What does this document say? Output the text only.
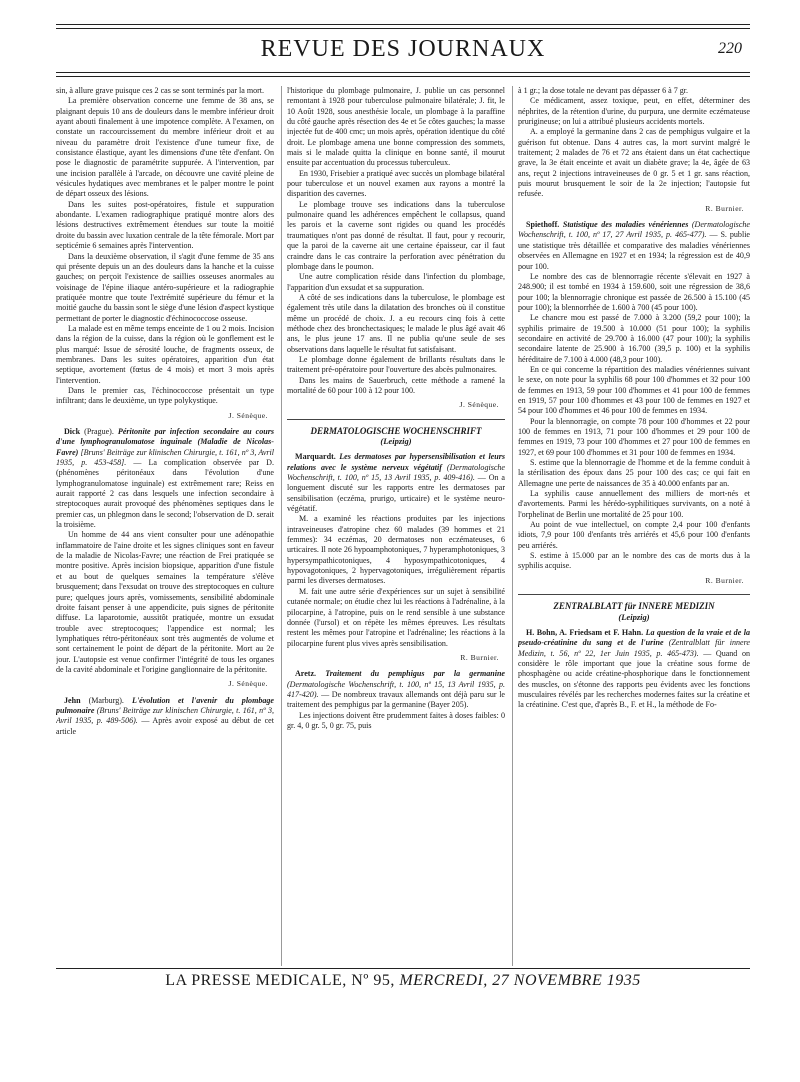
REVUE DES JOURNAUX	220

sin, à allure grave puisque ces 2 cas se sont terminés par la mort.

La première observation concerne une femme de 38 ans, se plaignant depuis 10 ans de douleurs dans le membre inférieur droit ayant abouti finalement à une impotence complète. A l'examen, on constate un raccourcissement du membre inférieur droit et au niveau du paramètre droit l'existence d'une tumeur fixe, de consistance élastique, ayant les dimensions d'une tête d'enfant. On pose le diagnostic de paramétrite suppurée. A l'intervention, par une incision parallèle à l'arcade, on découvre une cavité pleine de vésicules hydatiques avec membranes et le palper montre le point de départ osseux des lésions.

Dans les suites post-opératoires, fistule et suppuration abondante. L'examen radiographique pratiqué montre alors des lésions destructives extrêmement étendues sur toute la moitié droite du bassin avec luxation centrale de la tête fémorale. Mort par septicémie 6 semaines après l'intervention.

Dans la deuxième observation, il s'agit d'une femme de 35 ans qui présente depuis un an des douleurs dans la hanche et la cuisse gauches; on perçoit l'existence de saillies osseuses anormales au voisinage de l'épine iliaque antéro-supérieure et la radiographie pratiquée montre que toute l'extrémité supérieure du fémur et la moitié gauche du bassin sont le siège d'une lésion d'aspect kystique permettant de porter le diagnostic d'échinococcose osseuse.

La malade est en même temps enceinte de 1 ou 2 mois. Incision dans la région de la cuisse, dans la région où le gonflement est le plus marqué: Issue de sérosité louche, de fragments osseux, de membranes. Dans les suites opératoires, apparition d'un état septique, avortement (fœtus de 4 mois) et mort 3 mois après l'intervention.

Dans le premier cas, l'échinococcose présentait un type infiltrant; dans le deuxième, un type polykystique.

J. Sénèque.

Dick (Prague). Péritonite par infection secondaire au cours d'une lymphogranulomatose inguinale (Maladie de Nicolas-Favre) [Bruns' Beiträge zur klinischen Chirurgie, t. 161, nº 3, Avril 1935, p. 453-458]. — La complication observée par D. (phénomènes péritonéaux dans l'évolution d'une lymphogranulomatose inguinale) est extrêmement rare; Reiss en aurait rapporté 2 cas dans lesquels une infection secondaire à streptocoques aurait provoqué des phénomènes septiques dans le premier cas, un phlegmon dans le second; l'observation de D. serait la troisième.

Un homme de 44 ans vient consulter pour une adénopathie inflammatoire de l'aine droite et les signes cliniques sont en faveur de la maladie de Nicolas-Favre; une réaction de Frei pratiquée se montre positive. Après incision biopsique, apparition d'une fistule et au bout de quelques semaines la température s'élève brusquement; dans l'exsudat on trouve des streptocoques en culture pure; quelques jours après, vomissements, sensibilité abdominale droite faisant penser à une appendicite, puis signes de péritonite diffuse. La laparotomie, aussitôt pratiquée, montre un exsudat trouble avec streptocoques; l'appendice est normal; les lymphatiques rétro-péritonéaux sont très augmentés de volume et sont certainement le point de départ de la péritonite. Mort au 2e jour. L'autopsie est venue confirmer l'intégrité de tous les organes de la cavité abdominale et l'origine ganglionnaire de la péritonite.

J. Sénèque.

Jehn (Marburg). L'évolution et l'avenir du plombage pulmonaire (Bruns' Beiträge zur klinischen Chirurgie, t. 161, nº 3, Avril 1935, p. 489-506). — Après avoir exposé au début de cet article

l'historique du plombage pulmonaire, J. publie un cas personnel remontant à 1928 pour tuberculose pulmonaire bilatérale; J. fit, le 10 Août 1928, sous anesthésie locale, un plombage à la paraffine du côté gauche après résection des 4e et 5e côtes gauches; la masse injectée fut de 400 cmc; un mois après, opération identique du côté droit. Le plombage amena une bonne compression des sommets, mais si le malade quitta la clinique en bonne santé, il mourut ensuite par accentuation du processus tuberculeux.

En 1930, Frisebier a pratiqué avec succès un plombage bilatéral pour tuberculose et un nouvel examen aux rayons a montré la disparition des cavernes.

Le plombage trouve ses indications dans la tuberculose pulmonaire quand les adhérences empêchent le collapsus, quand les parois et la caverne sont rigides ou quand les procédés traumatiques n'ont pas donné de résultat. Il faut, pour y recourir, que la paroi de la caverne ait une certaine épaisseur, car il faut craindre dans le cas contraire la perforation avec pénétration du plombage dans le poumon.

Une autre complication réside dans l'infection du plombage, l'apparition d'un exsudat et sa suppuration.

A côté de ses indications dans la tuberculose, le plombage est également très utile dans la dilatation des bronches où il constitue même un procédé de choix. J. a eu recours cinq fois à cette méthode chez des bronchectasiques; le malade le plus âgé avait 46 ans, le plus jeune 17 ans. Il ne publia qu'une seule de ses observations dans laquelle le résultat fut satisfaisant.

Le plombage donne également de brillants résultats dans le traitement pré-opératoire pour l'ouverture des abcès pulmonaires.

Dans les mains de Sauerbruch, cette méthode a ramené la mortalité de 60 pour 100 à 12 pour 100.

J. Sénèque.
DERMATOLOGISCHE WOCHENSCHRIFT
(Leipzig)

Marquardt. Les dermatoses par hypersensibilisation et leurs relations avec le système nerveux végétatif (Dermatologische Wochenschrift, t. 100, nº 15, 13 Avril 1935, p. 409-416). — On a longuement discuté sur les rapports entre les dermatoses par sensibilisation (eczéma, prurigo, urticaire) et le système neuro-végétatif.

M. a examiné les réactions produites par les injections intraveineuses d'atropine chez 60 malades (39 hommes et 21 femmes): 34 eczémas, 20 dermatoses non eczémateuses, 6 urticaires. Il note 26 hypoamphotoniques, 7 hyperamphotoniques, 3 hypersympathicotoniques, 4 hyposympathicotoniques, 4 hypovagotoniques, 2 hypervagotoniques, irrégulièrement répartis parmi les diverses dermatoses.

M. fait une autre série d'expériences sur un sujet à sensibilité cutanée normale; on étudie chez lui les réactions à l'adrénaline, à la pilocarpine, à l'atropine, puis on le rend sensible à une substance donnée (l'ursol) et on répète les mêmes épreuves. Les résultats restent les mêmes pour l'atropine et l'adrénaline; les réactions à la pilocarpine furent plus vives après sensibilisation.

R. Burnier.

Aretz. Traitement du pemphigus par la germanine (Dermatologische Wochenschrift, t. 100, nº 15, 13 Avril 1935, p. 417-420). — De nombreux travaux allemands ont déjà paru sur le traitement des pemphigus par la germanine (Bayer 205).

Les injections doivent être prudemment faites à doses faibles: 0 gr. 4, 0 gr. 5, 0 gr. 75, puis

à 1 gr.; la dose totale ne devant pas dépasser 6 à 7 gr.

Ce médicament, assez toxique, peut, en effet, déterminer des néphrites, de la rétention d'urine, du purpura, une dermite eczémateuse prurigineuse; on lui a attribué plusieurs accidents mortels.

A. a employé la germanine dans 2 cas de pemphigus vulgaire et la guérison fut obtenue. Dans 4 autres cas, la mort survint malgré le traitement; 2 malades de 76 et 72 ans étaient dans un état cachectique grave, la 3e était enceinte et avait un diabète grave; la 4e, âgée de 63 ans, reçut 2 injections intraveineuses de 0 gr. 5 et 1 gr. sans réaction, puis mourut brusquement le soir de la 2e injection; l'autopsie fut refusée.

R. Burnier.

Spiethoff. Statistique des maladies vénériennes (Dermatologische Wochenschrift, t. 100, nº 17, 27 Avril 1935, p. 465-477). — S. publie une statistique très détaillée et comparative des maladies vénériennes observées en Allemagne en 1927 et en 1934; la régression est de 40,9 pour 100.

Le nombre des cas de blennorragie récente s'élevait en 1927 à 248.900; il est tombé en 1934 à 159.600, soit une régression de 38,6 pour 100; la blennorragie chronique est passée de 26.500 à 15.100 (45 pour 100); la blennorrhée de 1.600 à 700 (45 pour 100).

Le chancre mou est passé de 7.000 à 3.200 (59,2 pour 100); la syphilis primaire de 19.500 à 10.000 (51 pour 100); la syphilis secondaire en activité de 29.700 à 16.000 (47 pour 100); la syphilis secondaire latente de 25.900 à 16.700 (39,5 p. 100) et la syphilis héréditaire de 7.100 à 4.000 (48,3 pour 100).

En ce qui concerne la répartition des maladies vénériennes suivant le sexe, on note pour la syphilis 68 pour 100 d'hommes et 32 pour 100 de femmes en 1913, 59 pour 100 d'hommes et 41 pour 100 de femmes en 1919, 57 pour 100 d'hommes et 43 pour 100 de femmes en 1927 et 54 pour 100 d'hommes et 46 pour 100 de femmes en 1934.

Pour la blennorragie, on compte 78 pour 100 d'hommes et 22 pour 100 de femmes en 1913, 71 pour 100 d'hommes et 29 pour 100 de femmes en 1919, 73 pour 100 d'hommes et 27 pour 100 de femmes en 1927, et 69 pour 100 d'hommes et 31 pour 100 de femmes en 1934.

S. estime que la blennorragie de l'homme et de la femme conduit à la stérilisation des époux dans 25 pour 100 des cas; ce qui fait en Allemagne une perte de naissances de 35 à 40.000 enfants par an.

La syphilis cause annuellement des milliers de mort-nés et d'avortements. Parmi les hérédo-syphilitiques survivants, on a noté à l'orphelinat de Berlin une mortalité de 25 pour 100.

Au point de vue intellectuel, on compte 2,4 pour 100 d'enfants idiots, 7,9 pour 100 d'enfants très arriérés et 45,6 pour 100 d'enfants peu arriérés.

S. estime à 15.000 par an le nombre des cas de morts dus à la syphilis acquise.

R. Burnier.
ZENTRALBLATT für INNERE MEDIZIN
(Leipzig)

H. Bohn, A. Friedsam et F. Hahn. La question de la vraie et de la pseudo-créatinine du sang et de l'urine (Zentralblatt für innere Medizin, t. 56, nº 22, 1er Juin 1935, p. 465-473). — Quand on considère le rôle important que joue la créatine sous forme de phosphagène ou acide créatine-phosphorique dans le fonctionnement des muscles, on s'étonne des rapports peu évidents avec les fonctions musculaires révélés par les recherches modernes faites sur la créatine et la créatinine. C'est que, d'après B., F. et H., la méthode de Fo-

LA PRESSE MEDICALE, Nº 95, MERCREDI, 27 NOVEMBRE 1935
